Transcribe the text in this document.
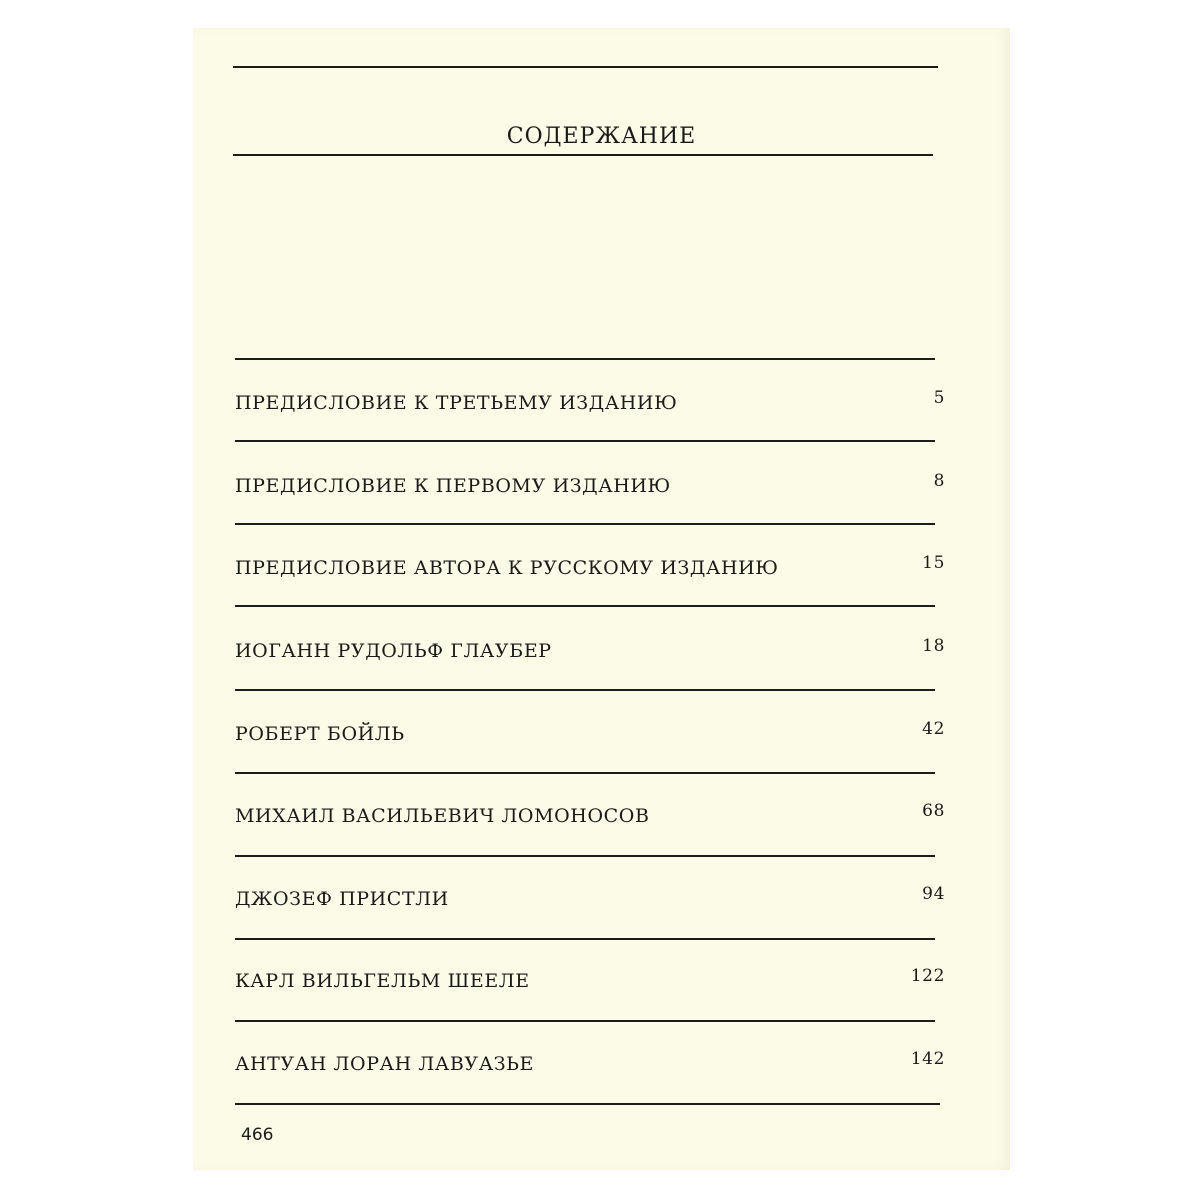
СОДЕРЖАНИЕ
ПРЕДИСЛОВИЕ К ТРЕТЬЕМУ ИЗДАНИЮ	5
ПРЕДИСЛОВИЕ К ПЕРВОМУ ИЗДАНИЮ	8
ПРЕДИСЛОВИЕ АВТОРА К РУССКОМУ ИЗДАНИЮ	15
ИОГАНН РУДОЛЬФ ГЛАУБЕР	18
РОБЕРТ БОЙЛЬ	42
МИХАИЛ ВАСИЛЬЕВИЧ ЛОМОНОСОВ	68
ДЖОЗЕФ ПРИСТЛИ	94
КАРЛ ВИЛЬГЕЛЬМ ШЕЕЛЕ	122
АНТУАН ЛОРАН ЛАВУАЗЬЕ	142
466
